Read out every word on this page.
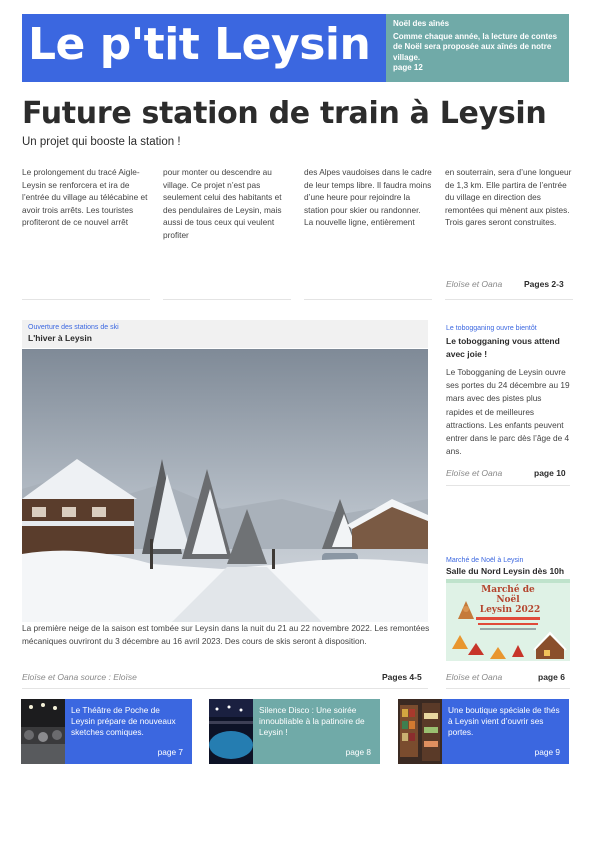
Le p'tit Leysin	Noël des aînés
Comme chaque année, la lecture de contes de Noël sera proposée aux aînés de notre village.
page 12
Future station de train à Leysin
Un projet qui booste la station !
Le prolongement du tracé Aigle-Leysin se renforcera et ira de l’entrée du village au télécabine et avoir trois arrêts. Les touristes profiteront de ce nouvel arrêt
pour monter ou descendre au village. Ce projet n’est pas seulement celui des habitants et des pendulaires de Leysin, mais aussi de tous ceux qui veulent profiter
des Alpes vaudoises dans le cadre de leur temps libre. Il faudra moins d’une heure pour rejoindre la station pour skier ou randonner. La nouvelle ligne, entièrement
en souterrain, sera d’une longueur de 1,3 km. Elle partira de l’entrée du village en direction des remontées qui mènent aux pistes. Trois gares seront construites.
Eloïse et Oana	Pages 2-3
Ouverture des stations de ski
L'hiver à Leysin
La première neige de la saison est tombée sur Leysin dans la nuit du 21 au 22 novembre 2022. Les remontées mécaniques ouvriront du 3 décembre au 16 avril 2023. Des cours de skis seront à disposition.
Eloïse et Oana source : Eloïse	Pages 4-5
Le tobogganing ouvre bientôt
Le tobogganing vous attend avec joie !
Le Tobogganing de Leysin ouvre ses portes du 24 décembre au 19 mars avec des pistes plus rapides et de meilleures attractions. Les enfants peuvent entrer dans le parc dès l’âge de 4 ans.
Eloïse et Oana	page 10
Marché de Noël à Leysin
Salle du Nord Leysin dès 10h
Marché de
Noël
Leysin 2022
Eloïse et Oana	page 6
Le Théâtre de Poche de Leysin prépare de nouveaux sketches comiques.
page 7
Silence Disco : Une soirée innoubliable à la patinoire de Leysin !
page 8
Une boutique spéciale de thés à Leysin vient d’ouvrir ses portes.
page 9
